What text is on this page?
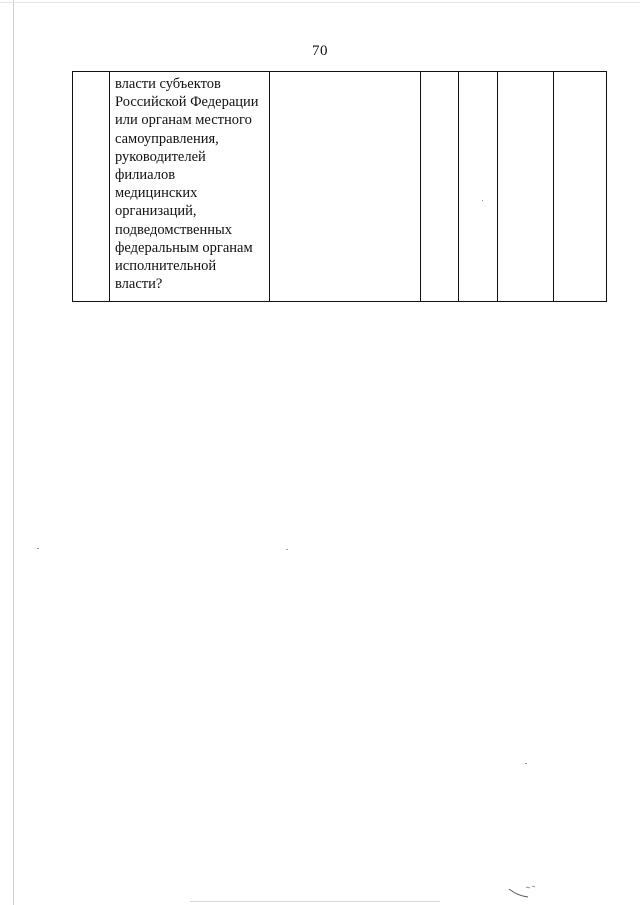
70

власти субъектов
Российской Федерации
или органам местного
самоуправления,
руководителей
филиалов
медицинских
организаций,
подведомственных
федеральным органам
исполнительной
власти?
